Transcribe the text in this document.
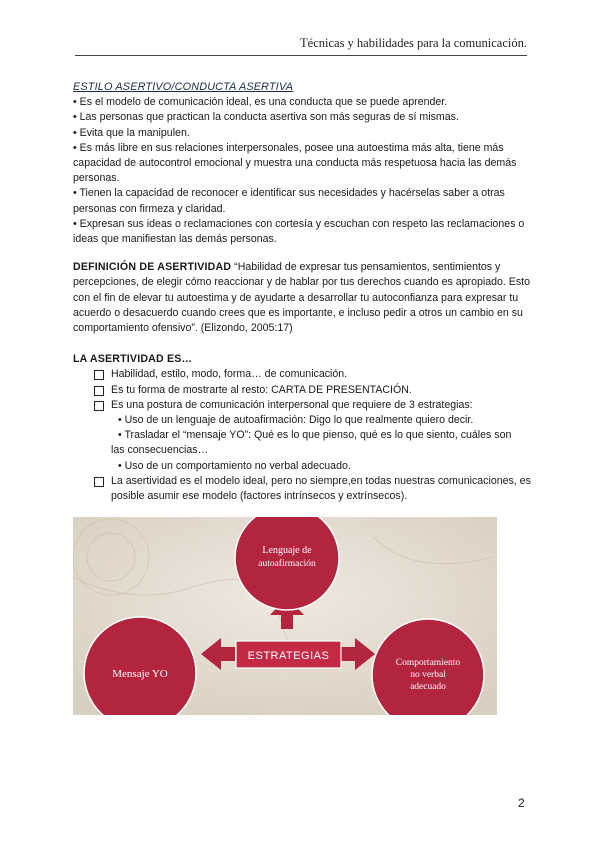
Técnicas y habilidades para la comunicación.
ESTILO ASERTIVO/CONDUCTA ASERTIVA

• Es el modelo de comunicación ideal, es una conducta que se puede aprender.

• Las personas que practican la conducta asertiva son más seguras de sí mismas.

• Evita que la manipulen.

• Es más libre en sus relaciones interpersonales, posee una autoestima más alta, tiene más capacidad de autocontrol emocional y muestra una conducta más respetuosa hacia las demás personas.

• Tienen la capacidad de reconocer e identificar sus necesidades y hacérselas saber a otras personas con firmeza y claridad.

• Expresan sus ideas o reclamaciones con cortesía y escuchan con respeto las reclamaciones o ideas que manifiestan las demás personas.

DEFINICIÓN DE ASERTIVIDAD “Habilidad de expresar tus pensamientos, sentimientos y percepciones, de elegir cómo reaccionar y de hablar por tus derechos cuando es apropiado. Esto con el fin de elevar tu autoestima y de ayudarte a desarrollar tu autoconfianza para expresar tu acuerdo o desacuerdo cuando crees que es importante, e incluso pedir a otros un cambio en su comportamiento ofensivo”. (Elizondo, 2005:17)

LA ASERTIVIDAD ES…
Habilidad, estilo, modo, forma… de comunicación.
Es tu forma de mostrarte al resto: CARTA DE PRESENTACIÓN.
Es una postura de comunicación interpersonal que requiere de 3 estrategias:
• Uso de un lenguaje de autoafirmación: Digo lo que realmente quiero decir.
• Trasladar el “mensaje YO”: Qué es lo que pienso, qué es lo que siento, cuáles son
las consecuencias…
• Uso de un comportamiento no verbal adecuado.
La asertividad es el modelo ideal, pero no siempre,en todas nuestras comunicaciones, es posible asumir ese modelo (factores intrínsecos y extrínsecos).
ESTRATEGIAS
Lenguaje de
autoafirmación
Mensaje YO
Comportamiento
no verbal
adecuado
2
